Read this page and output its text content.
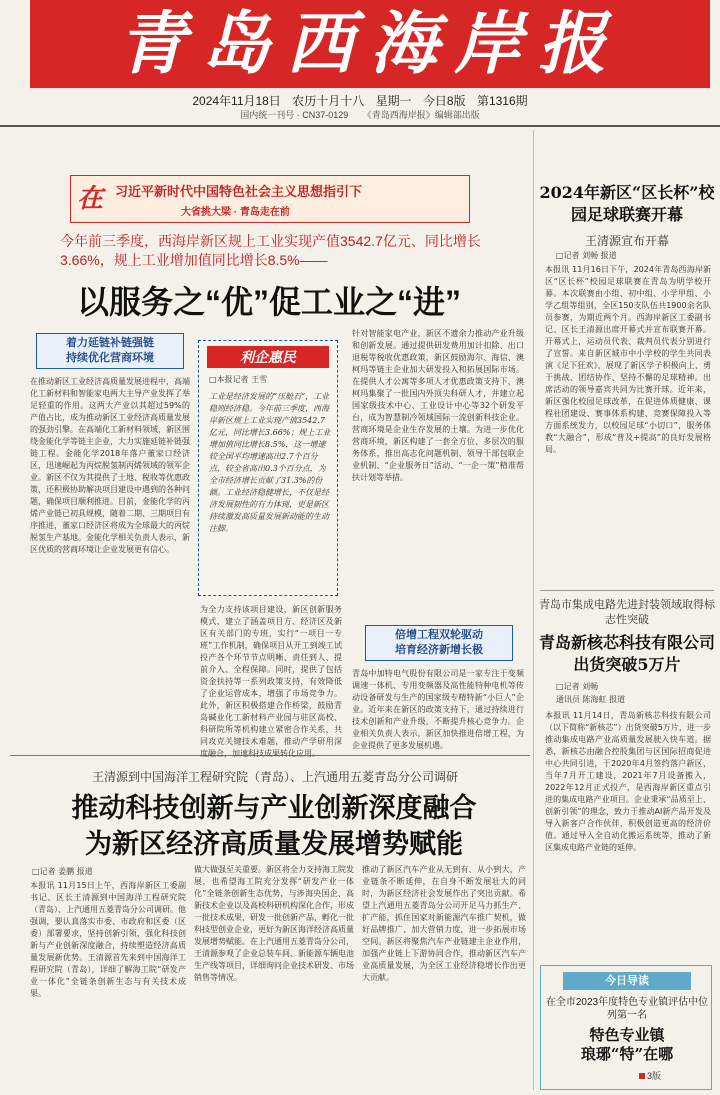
青岛西海岸报
2024年11月18日 农历十月十八 星期一 今日8版 第1316期
国内统一刊号 · CN37-0129 《青岛西海岸报》编辑部出版
在 习近平新时代中国特色社会主义思想指引下
大省挑大梁 · 青岛走在前
今年前三季度，西海岸新区规上工业实现产值3542.7亿元、同比增长3.66%，规上工业增加值同比增长8.5%——
以服务之“优”促工业之“进”
着力延链补链强链
持续优化营商环境
在推动新区工业经济高质量发展进程中，高端化工新材料和智能家电两大主导产业发挥了举足轻重的作用。这两大产业以其超过59%的产值占比，成为推动新区工业经济高质量发展的强劲引擎。在高端化工新材料领域，新区围绕金能化学等链主企业，大力实施延链补链强链工程。金能化学2018年落户董家口经济区，迅速崛起为丙烷脱氢制丙烯领域的领军企业。新区不仅为其提供了土地、税收等优惠政策，还积极协助解决项目建设中遇到的各种问题，确保项目顺利推进。目前，金能化学的丙烯产业链已初具规模，随着二期、三期项目有序推进，董家口经济区将成为全球最大的丙烷脱氢生产基地。金能化学相关负责人表示，新区优质的营商环境让企业发展更有信心。
利企惠民
□本报记者 王雪
工业是经济发展的“压舱石”，工业稳则经济稳。今年前三季度，西海岸新区规上工业实现产值3542.7亿元，同比增长3.66%；规上工业增加值同比增长8.5%，这一增速较全国平均增速高出2.7个百分点，较全省高出0.3个百分点，为全市经济增长贡献了31.3%的份额。工业经济稳健增长，不仅是经济发展韧性的有力体现，更是新区持续激发高质量发展新动能的生动注脚。
为全力支持该项目建设，新区创新服务模式，建立了涵盖项目方、经济区及新区有关部门的专班，实行“一项目一专班”工作机制，确保项目从开工到竣工试投产各个环节节点明晰、责任到人、提前介入、全程保障。同时，提供了包括资金扶持等一系列政策支持，有效降低了企业运营成本，增强了市场竞争力。此外，新区积极搭建合作桥梁，鼓励青岛碱业化工新材料产业园与驻区高校、科研院所等机构建立紧密合作关系，共同攻克关键技术难题，推动产学研用深度融合，加速科技成果转化应用。
针对智能家电产业，新区不遗余力推动产业升级和创新发展。通过提供研发费用加计扣除、出口退税等税收优惠政策，新区鼓励海尔、海信、澳柯玛等链主企业加大研发投入和拓展国际市场。在提供人才公寓等多项人才优惠政策支持下，澳柯玛集聚了一批国内外顶尖科研人才，并建立起国家级技术中心、工业设计中心等32个研发平台，成为智慧制冷领域国际一流创新科技企业。营商环境是企业生存发展的土壤。为进一步优化营商环境，新区构建了一套全方位、多层次的服务体系，推出高志化问题机制、领导干部包联企业机制、“企业服务日”活动、“一企一策”精准帮扶计划等举措。
倍增工程双轮驱动
培育经济新增长极
青岛中加特电气股份有限公司是一家专注于变频调速一体机、专用变频器及高性能特种电机等传动设备研发与生产的国家级专精特新“小巨人”企业。近年来在新区的政策支持下，通过持续进行技术创新和产业升级，不断提升核心竞争力。企业相关负责人表示，新区加快推进倍增工程，为企业提供了更多发展机遇。
王清源到中国海洋工程研究院（青岛）、上汽通用五菱青岛分公司调研
推动科技创新与产业创新深度融合
为新区经济高质量发展增势赋能
□记者 姜鹏 报道
本报讯 11月15日上午，西海岸新区工委副书记、区长王清源到中国海洋工程研究院（青岛）、上汽通用五菱青岛分公司调研。他强调，要认真落实市委、市政府和区委（区委）部署要求，坚持创新引领，强化科技创新与产业创新深度融合，持续塑造经济高质量发展新优势。王清源首先来到中国海洋工程研究院（青岛），详细了解海工院“研发产业一体化”全链条创新生态与有关技术成果。
做大做强至关重要。新区将全力支持海工院发展，也希望海工院充分发挥“研发产业一体化”全链条创新生态优势，与涉海央国企、高新技术企业以及高校科研机构深化合作，形成一批技术成果，研发一批创新产品，孵化一批科技型创业企业，更好为新区海洋经济高质量发展增势赋能。在上汽通用五菱青岛分公司，王清源参观了企业总装车间、新能源车辆电池生产线等项目，详细询问企业技术研发、市场销售等情况。
推动了新区汽车产业从无到有、从小到大，产业链条不断延伸，在自身不断发展壮大的同时，为新区经济社会发展作出了突出贡献。希望上汽通用五菱青岛分公司开足马力抓生产、扩产能，抓住国家对新能源汽车推广契机，做好品牌推广、加大营销力度，进一步拓展市场空间。新区将聚焦汽车产业链建主企业作用，加强产业链上下游协同合作，推动新区汽车产业高质量发展，为全区工业经济稳增长作出更大贡献。
2024年新区“区长杯”校园足球联赛开幕
王清源宣布开幕
□记者 刘畅 报道
本报讯 11月16日下午，2024年青岛西海岸新区“区长杯”校园足球联赛在青岛为明学校开幕。本次联赛由小组、初中组、小学甲组、小学乙组等组别，全区150支队伍共1900余名队员参赛，为期近两个月。西海岸新区工委副书记、区长王清源出席开幕式并宣布联赛开幕。开幕式上，运动员代表、裁判员代表分别进行了宣誓。来自新区城市中小学校的学生共同表演《足下狂欢》，展现了新区学子积极向上、勇于挑战、团结协作、坚持不懈的足球精神。出席活动的领导嘉宾共同为比赛开球。近年来，新区强化校园足球改革，在促进体质健康、课程社团建设、赛事体系构建、竞赛保障投入等方面系统发力，以校园足球“小切口”，服务体教“大融合”，形成“普及+提高”的良好发展格局。
青岛市集成电路先进封装领域取得标志性突破
青岛新核芯科技有限公司出货突破5万片
□记者 刘畅
通讯员 陈海虹 报道
本报讯 11月14日，青岛新核芯科技有限公司（以下简称“新核芯”）出货突破5万片，进一步推动集成电路产业高质量发展驶入快车道。据悉，新核芯由融合控股集团与区国际招商促进中心共同引进，于2020年4月签约落户新区，当年7月开工建设，2021年7月设备搬入，2022年12月正式投产，是西海岸新区重点引进的集成电路产业项目。企业秉承“品质至上、创新引领”的理念，致力于推动AI新产品开发及导入新客户合作伙伴，积极创造更高的经济价值。通过导入全自动化搬运系统等，推动了新区集成电路产业链的延伸。
今日导读
在全市2023年度特色专业镇评估中位列第一名
特色专业镇
琅琊“特”在哪
3版
